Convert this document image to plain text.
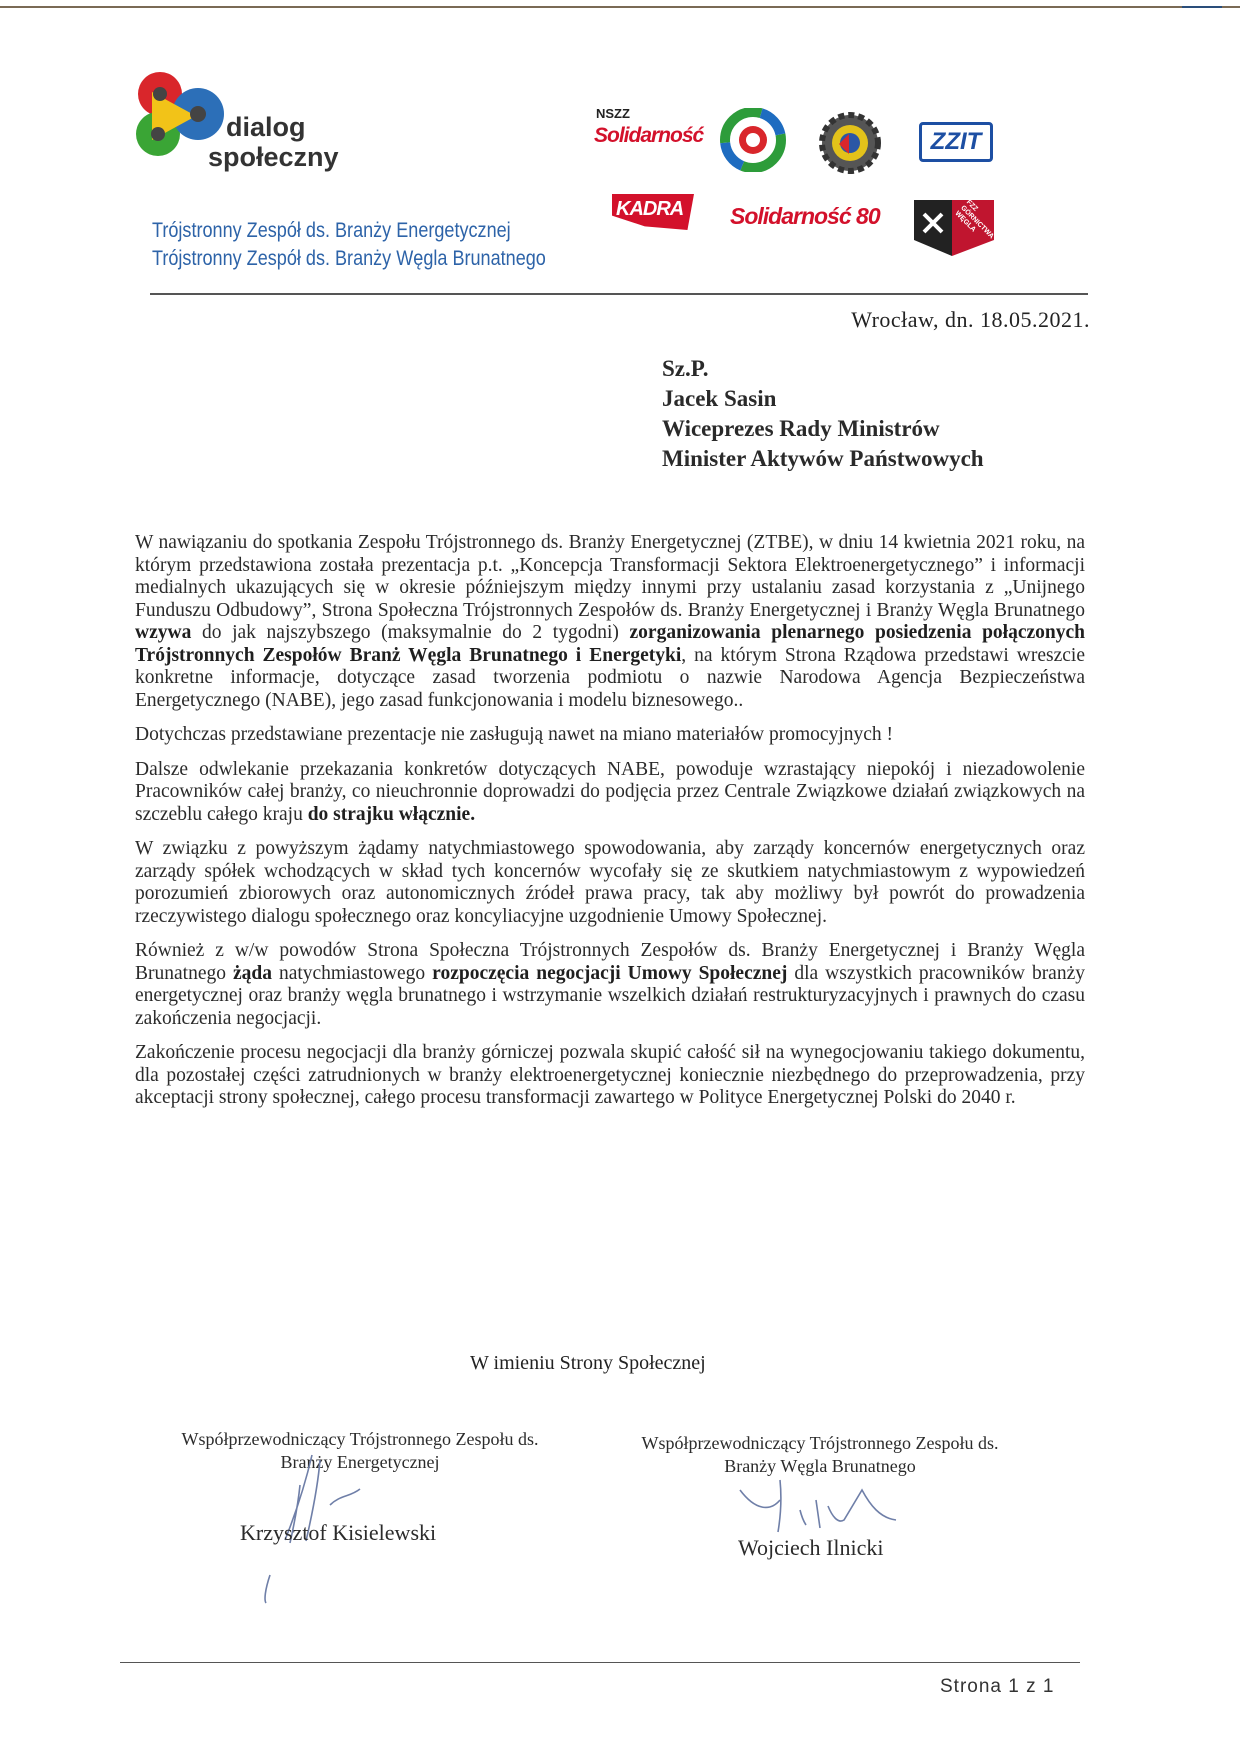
dialog
społeczny
Trójstronny Zespół ds. Branży Energetycznej
Trójstronny Zespół ds. Branży Węgla Brunatnego
NSZZ
Solidarność	ZZIT
KADRA Solidarność 80	FZZ GÓRNICTWA WĘGLA
Wrocław, dn. 18.05.2021.
Sz.P.
Jacek Sasin
Wiceprezes Rady Ministrów
Minister Aktywów Państwowych

W nawiązaniu do spotkania Zespołu Trójstronnego ds. Branży Energetycznej (ZTBE), w dniu 14 kwietnia 2021 roku, na którym przedstawiona została prezentacja p.t. „Koncepcja Transformacji Sektora Elektroenergetycznego” i informacji medialnych ukazujących się w okresie późniejszym między innymi przy ustalaniu zasad korzystania z „Unijnego Funduszu Odbudowy”, Strona Społeczna Trójstronnych Zespołów ds. Branży Energetycznej i Branży Węgla Brunatnego wzywa do jak najszybszego (maksymalnie do 2 tygodni) zorganizowania plenarnego posiedzenia połączonych Trójstronnych Zespołów Branż Węgla Brunatnego i Energetyki, na którym Strona Rządowa przedstawi wreszcie konkretne informacje, dotyczące zasad tworzenia podmiotu o nazwie Narodowa Agencja Bezpieczeństwa Energetycznego (NABE), jego zasad funkcjonowania i modelu biznesowego..

Dotychczas przedstawiane prezentacje nie zasługują nawet na miano materiałów promocyjnych !

Dalsze odwlekanie przekazania konkretów dotyczących NABE, powoduje wzrastający niepokój i niezadowolenie Pracowników całej branży, co nieuchronnie doprowadzi do podjęcia przez Centrale Związkowe działań związkowych na szczeblu całego kraju do strajku włącznie.

W związku z powyższym żądamy natychmiastowego spowodowania, aby zarządy koncernów energetycznych oraz zarządy spółek wchodzących w skład tych koncernów wycofały się ze skutkiem natychmiastowym z wypowiedzeń porozumień zbiorowych oraz autonomicznych źródeł prawa pracy, tak aby możliwy był powrót do prowadzenia rzeczywistego dialogu społecznego oraz koncyliacyjne uzgodnienie Umowy Społecznej.

Również z w/w powodów Strona Społeczna Trójstronnych Zespołów ds. Branży Energetycznej i Branży Węgla Brunatnego żąda natychmiastowego rozpoczęcia negocjacji Umowy Społecznej dla wszystkich pracowników branży energetycznej oraz branży węgla brunatnego i wstrzymanie wszelkich działań restrukturyzacyjnych i prawnych do czasu zakończenia negocjacji.

Zakończenie procesu negocjacji dla branży górniczej pozwala skupić całość sił na wynegocjowaniu takiego dokumentu, dla pozostałej części zatrudnionych w branży elektroenergetycznej koniecznie niezbędnego do przeprowadzenia, przy akceptacji strony społecznej, całego procesu transformacji zawartego w Polityce Energetycznej Polski do 2040 r.

W imieniu Strony Społecznej
Współprzewodniczący Trójstronnego Zespołu ds.
Branży Energetycznej
Krzysztof Kisielewski
Współprzewodniczący Trójstronnego Zespołu ds.
Branży Węgla Brunatnego
Wojciech Ilnicki
Strona 1 z 1
